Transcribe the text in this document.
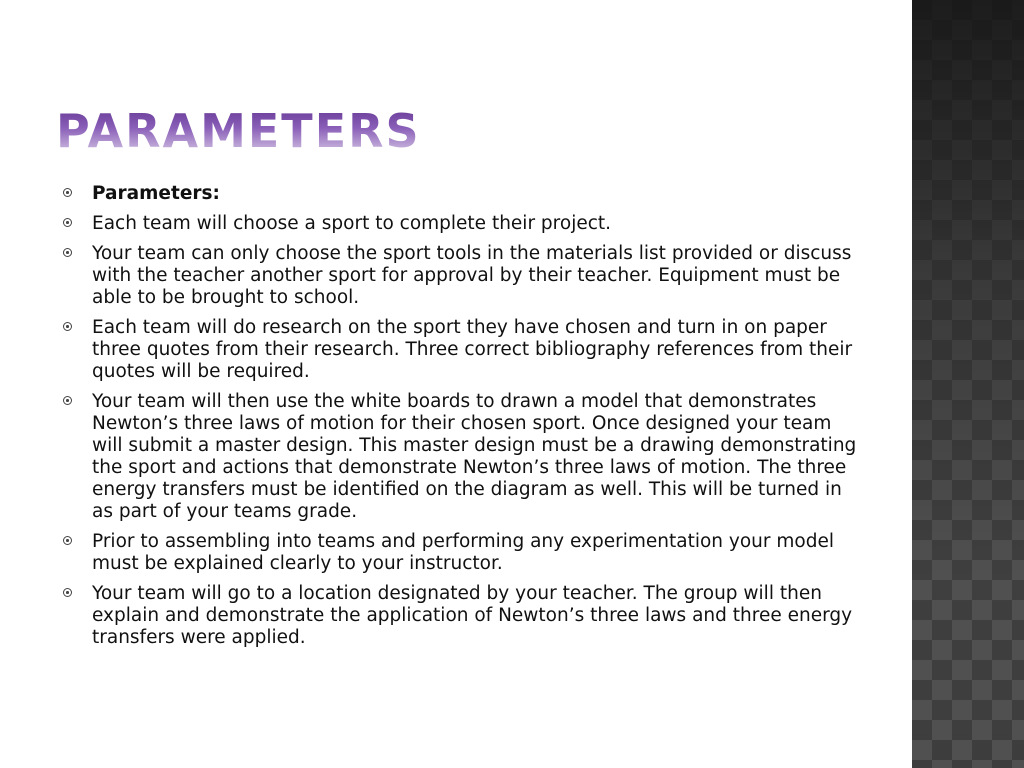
PARAMETERS
Parameters:
Each team will choose a sport to complete their project.
Your team can only choose the sport tools in the materials list provided or discuss with the teacher another sport for approval by their teacher. Equipment must be able to be brought to school.
Each team will do research on the sport they have chosen and turn in on paper three quotes from their research. Three correct bibliography references from their quotes will be required.
Your team will then use the white boards to drawn a model that demonstrates Newton’s three laws of motion for their chosen sport. Once designed your team will submit a master design. This master design must be a drawing demonstrating the sport and actions that demonstrate Newton’s three laws of motion. The three energy transfers must be identified on the diagram as well. This will be turned in as part of your teams grade.
Prior to assembling into teams and performing any experimentation your model must be explained clearly to your instructor.
Your team will go to a location designated by your teacher. The group will then explain and demonstrate the application of Newton’s three laws and three energy transfers were applied.
